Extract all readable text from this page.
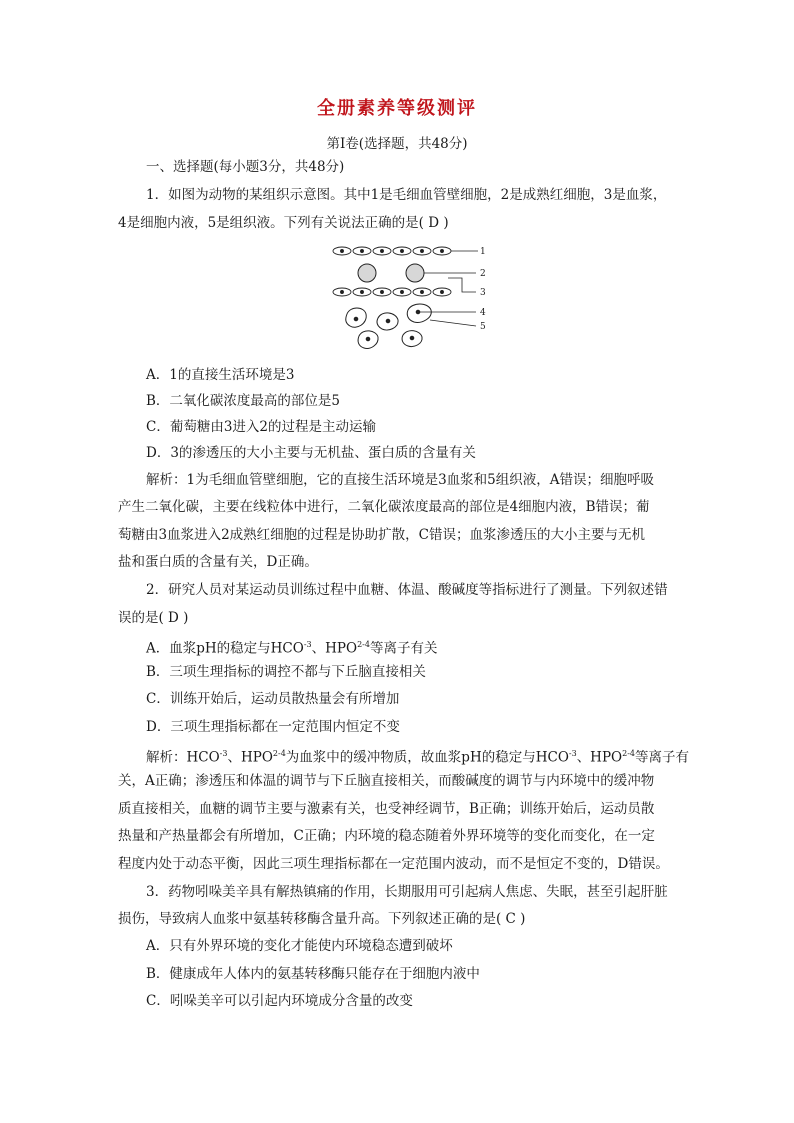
全册素养等级测评
第Ⅰ卷(选择题，共48分)
一、选择题(每小题3分，共48分)
1．如图为动物的某组织示意图。其中1是毛细血管壁细胞，2是成熟红细胞，3是血浆，
4是细胞内液，5是组织液。下列有关说法正确的是( D )
1
2
3
4
5
A．1的直接生活环境是3
B．二氧化碳浓度最高的部位是5
C．葡萄糖由3进入2的过程是主动运输
D．3的渗透压的大小主要与无机盐、蛋白质的含量有关
解析：1为毛细血管壁细胞，它的直接生活环境是3血浆和5组织液，A错误；细胞呼吸
产生二氧化碳，主要在线粒体中进行，二氧化碳浓度最高的部位是4细胞内液，B错误；葡
萄糖由3血浆进入2成熟红细胞的过程是协助扩散，C错误；血浆渗透压的大小主要与无机
盐和蛋白质的含量有关，D正确。
2．研究人员对某运动员训练过程中血糖、体温、酸碱度等指标进行了测量。下列叙述错
误的是( D )
A．血浆pH的稳定与$HCO^{-3}$、HPO$^{2-4}$等离子有关
B．三项生理指标的调控不都与下丘脑直接相关
C．训练开始后，运动员散热量会有所增加
D．三项生理指标都在一定范围内恒定不变
解析：$HCO^{-3}$、HPO$^{2-4}$为血浆中的缓冲物质，故血浆pH的稳定与$HCO^{-3}$、HPO$^{2-4}$等离子有
关，A正确；渗透压和体温的调节与下丘脑直接相关，而酸碱度的调节与内环境中的缓冲物
质直接相关，血糖的调节主要与激素有关，也受神经调节，B正确；训练开始后，运动员散
热量和产热量都会有所增加，C正确；内环境的稳态随着外界环境等的变化而变化，在一定
程度内处于动态平衡，因此三项生理指标都在一定范围内波动，而不是恒定不变的，D错误。
3．药物吲哚美辛具有解热镇痛的作用，长期服用可引起病人焦虑、失眠，甚至引起肝脏
损伤，导致病人血浆中氨基转移酶含量升高。下列叙述正确的是( C )
A．只有外界环境的变化才能使内环境稳态遭到破坏
B．健康成年人体内的氨基转移酶只能存在于细胞内液中
C．吲哚美辛可以引起内环境成分含量的改变
